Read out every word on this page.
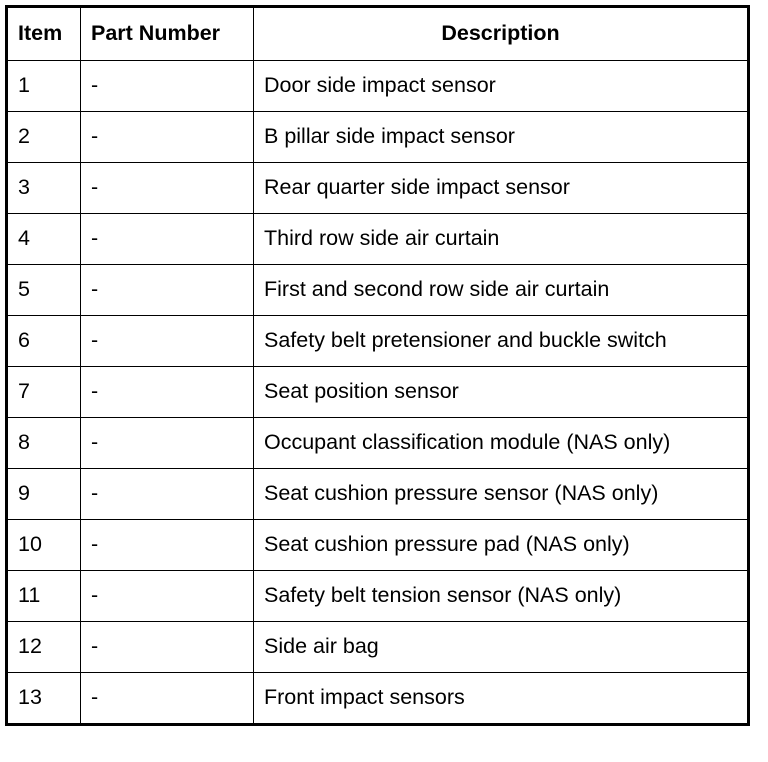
Item	Part Number	Description
1	-	Door side impact sensor
2	-	B pillar side impact sensor
3	-	Rear quarter side impact sensor
4	-	Third row side air curtain
5	-	First and second row side air curtain
6	-	Safety belt pretensioner and buckle switch
7	-	Seat position sensor
8	-	Occupant classification module (NAS only)
9	-	Seat cushion pressure sensor (NAS only)
10	-	Seat cushion pressure pad (NAS only)
11	-	Safety belt tension sensor (NAS only)
12	-	Side air bag
13	-	Front impact sensors
